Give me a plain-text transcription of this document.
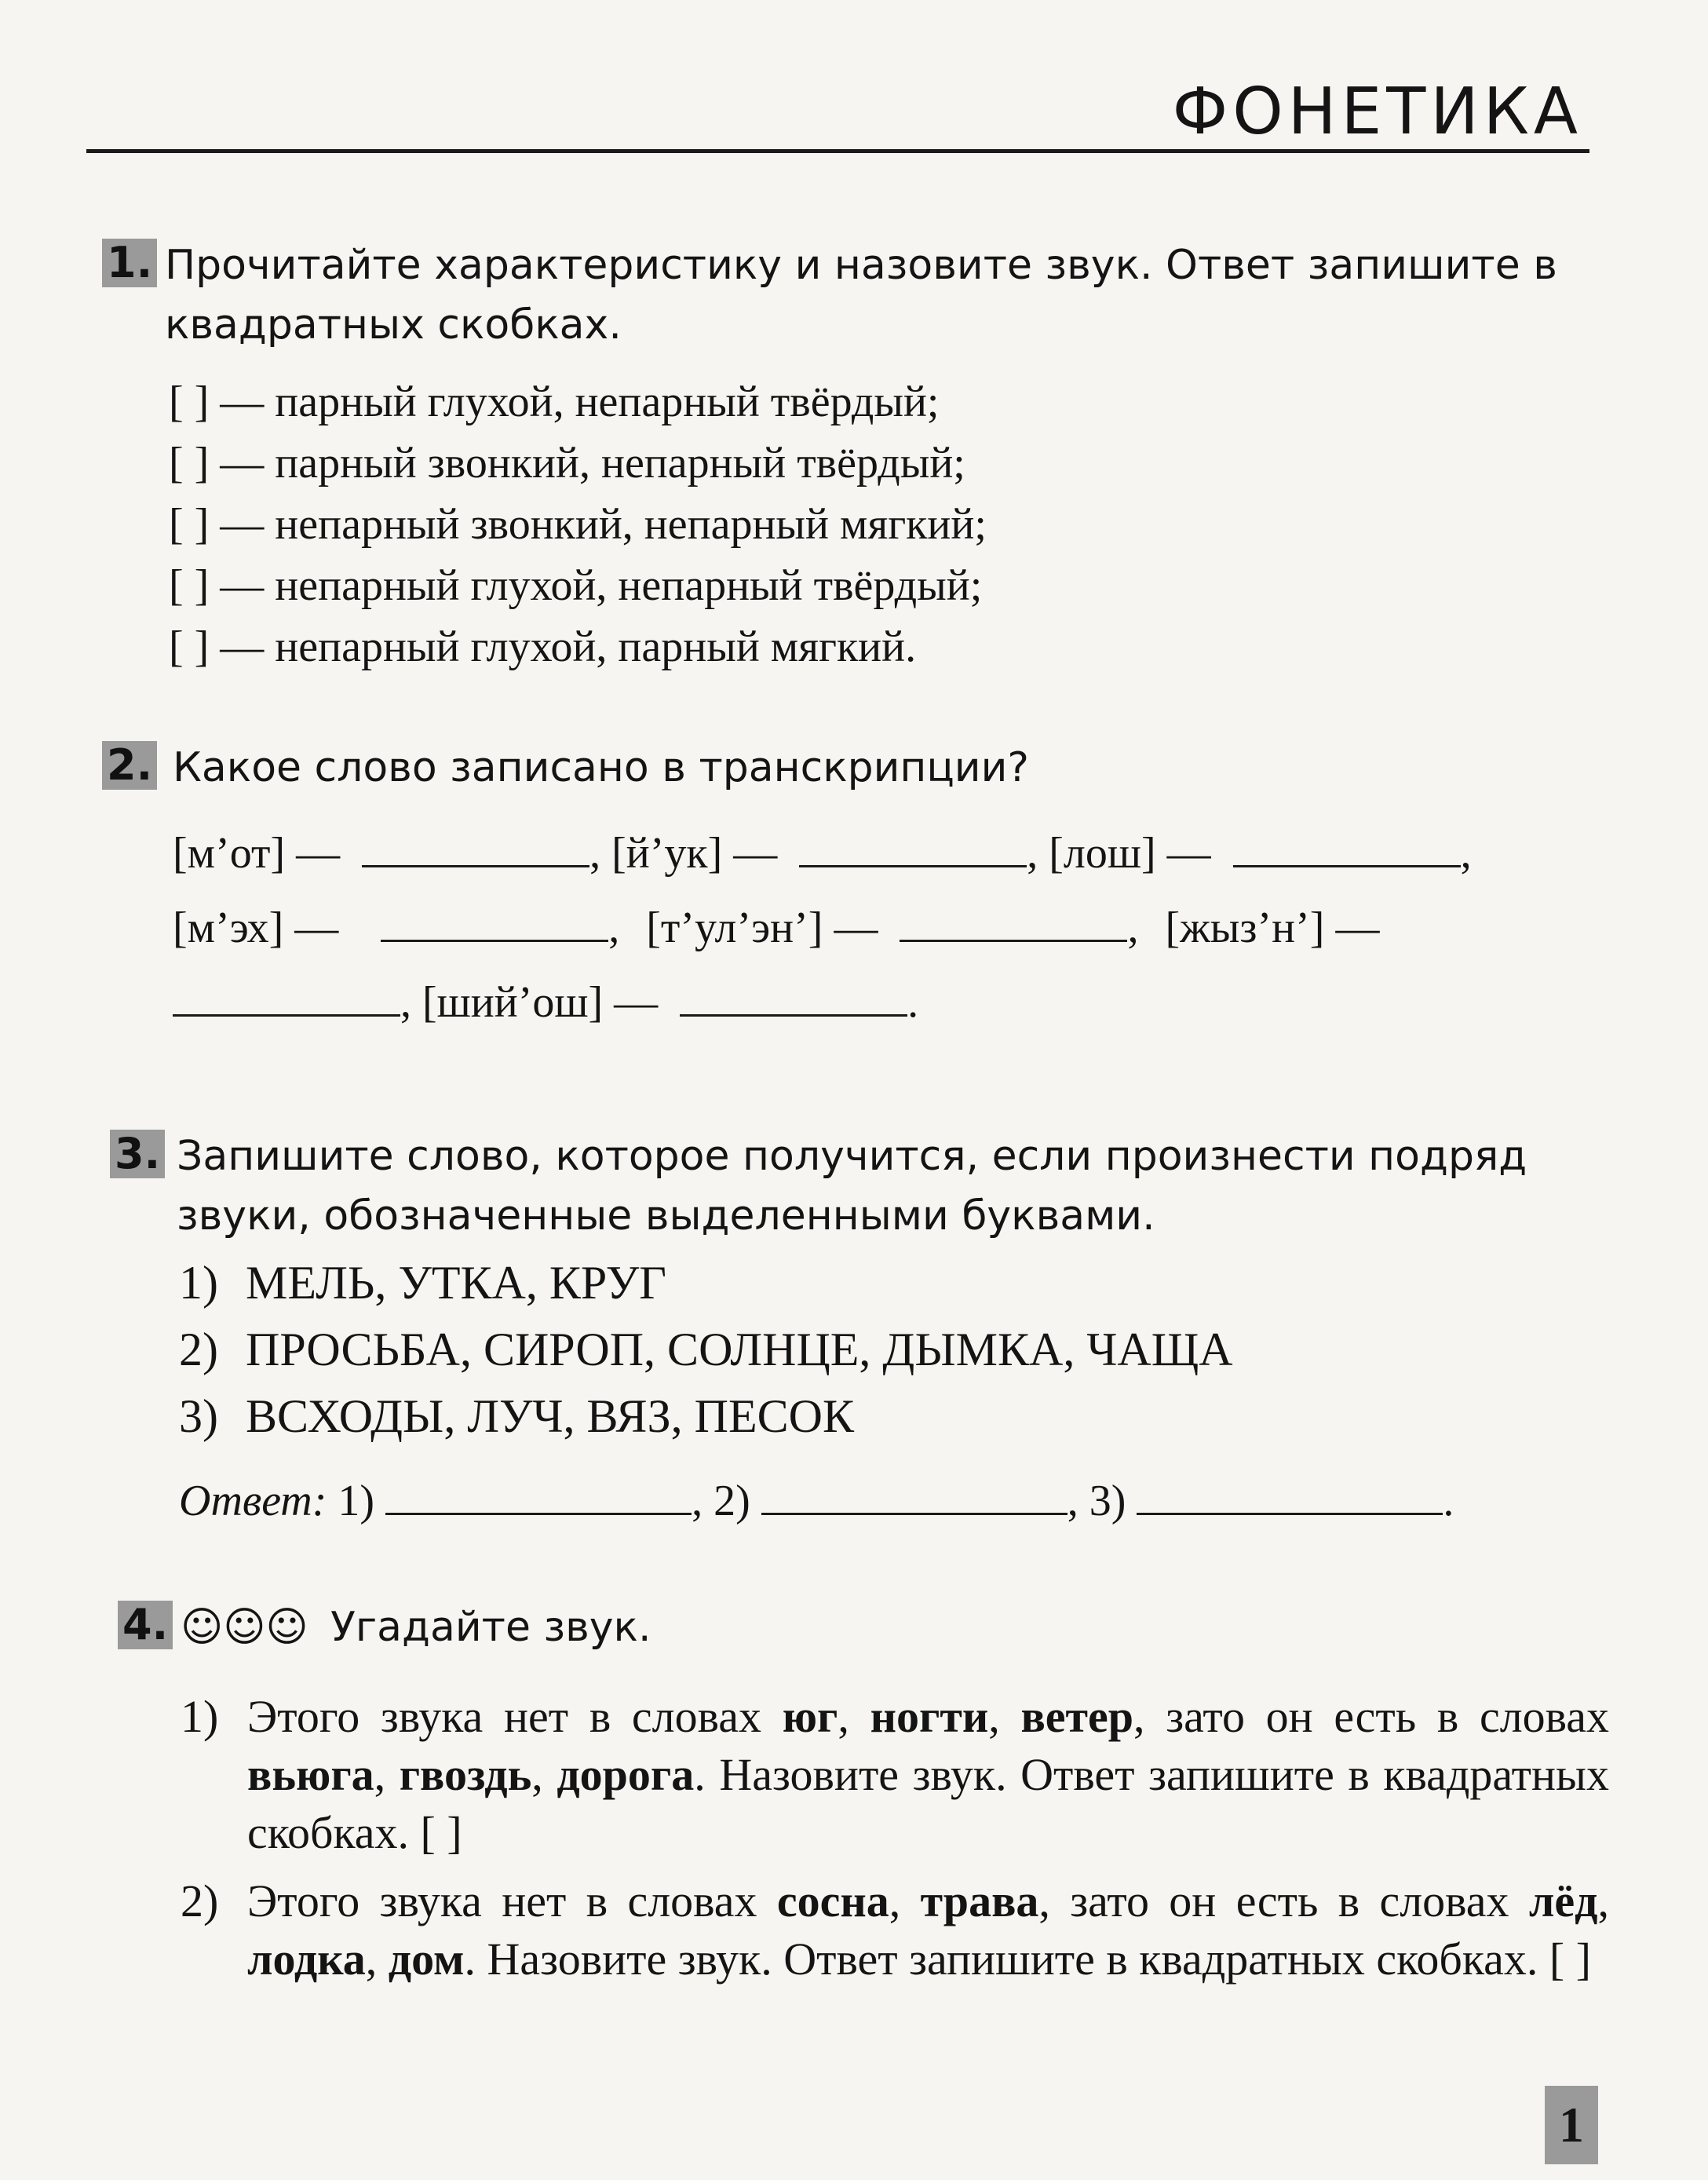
ФОНЕТИКА
1. Прочитайте характеристику и назовите звук. Ответ запишите в квадратных скобках.
[ ] — парный глухой, непарный твёрдый;
[ ] — парный звонкий, непарный твёрдый;
[ ] — непарный звонкий, непарный мягкий;
[ ] — непарный глухой, непарный твёрдый;
[ ] — непарный глухой, парный мягкий.
2. Какое слово записано в транскрипции?
[м’от] —	, [й’ук] —	, [лош] —	,
[м’эх] —	, [т’ул’эн’] —	, [жыз’н’] —
, [ший’ош] —	.
3. Запишите слово, которое получится, если произнести подряд звуки, обозначенные выделенными буквами.
1) МЕЛЬ, УТКА, КРУГ
2) ПРОСЬБА, СИРОП, СОЛНЦЕ, ДЫМКА, ЧАЩА
3) ВСХОДЫ, ЛУЧ, ВЯЗ, ПЕСОК
Ответ: 1)	, 2)	, 3)	.
4. ☺☺☺ Угадайте звук.
1) Этого звука нет в словах юг, ногти, ветер, зато он есть в словах вьюга, гвоздь, дорога. Назовите звук. Ответ запишите в квадратных скобках. [ ]
2) Этого звука нет в словах сосна, трава, зато он есть в словах лёд, лодка, дом. Назовите звук. Ответ запишите в квадратных скобках. [ ]
1
